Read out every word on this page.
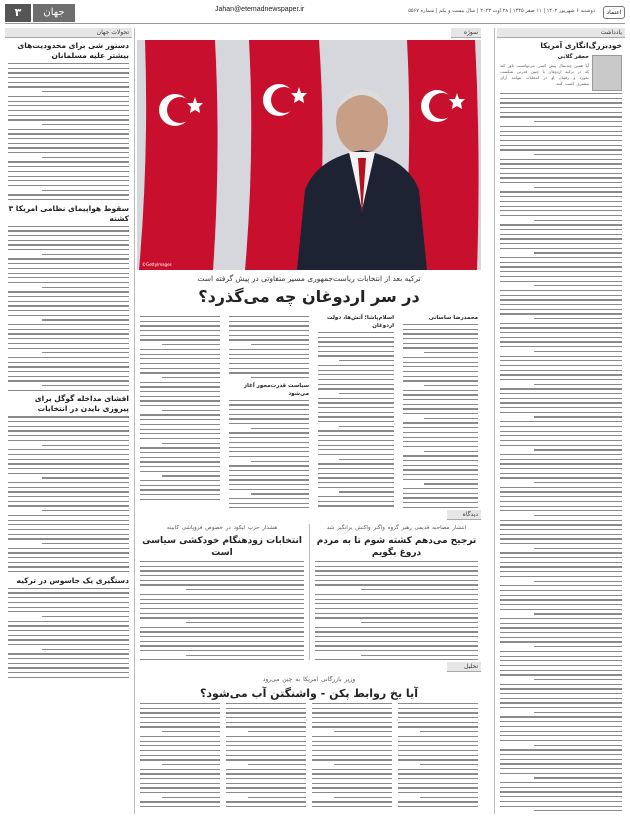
۳	جهان	Jahan@etemadnewspaper.ir	دوشنبه ۶ شهریور ۱۴۰۲ | ۱۱ صفر ۱۴۴۵ | ۲۸ اوت ۲۰۲۳ | سال بیست و یکم | شماره ۵۵۶۷	اعتماد
یادداشت
خودبزرگ‌انگاری آمریکا
جعفر گلابی
آیا همین چندسال پیش کسی می‌توانست باور کند که در ترکیه اردوغان با چنین قدرتی شکست بخورد و رقیبان او در انتخابات بتوانند آرای بیشتری کسب کنند.
سوژه
©GettyImages
ترکیه بعد از انتخابات ریاست‌جمهوری مسیر متفاوتی در پیش گرفته است
در سر اردوغان چه می‌گذرد؟
محمدرضا ساسانی
اسلام‌پاشا؛ آتش‌ها، دولت اردوغان
سیاست قدرت‌محور آغاز می‌شود
دیدگاه
انتشار مصاحبه قدیمی رهبر گروه واگنر واکنش برانگیز شد
ترجیح می‌دهم کشته شوم تا به مردم دروغ بگویم
هشدار حزب لیکود در خصوص فروپاشی کابینه
انتخابات زودهنگام خودکشی سیاسی است
تحلیل
وزیر بازرگانی امریکا به چین می‌رود
آیا یخ روابط پکن - واشنگتن آب می‌شود؟
تحولات جهان
دستور شی برای محدودیت‌های بیشتر علیه مسلمانان
سقوط هواپیمای نظامی امریکا ۳ کشته
افشای مداخله گوگل برای پیروزی بایدن در انتخابات
دستگیری یک جاسوس در ترکیه
